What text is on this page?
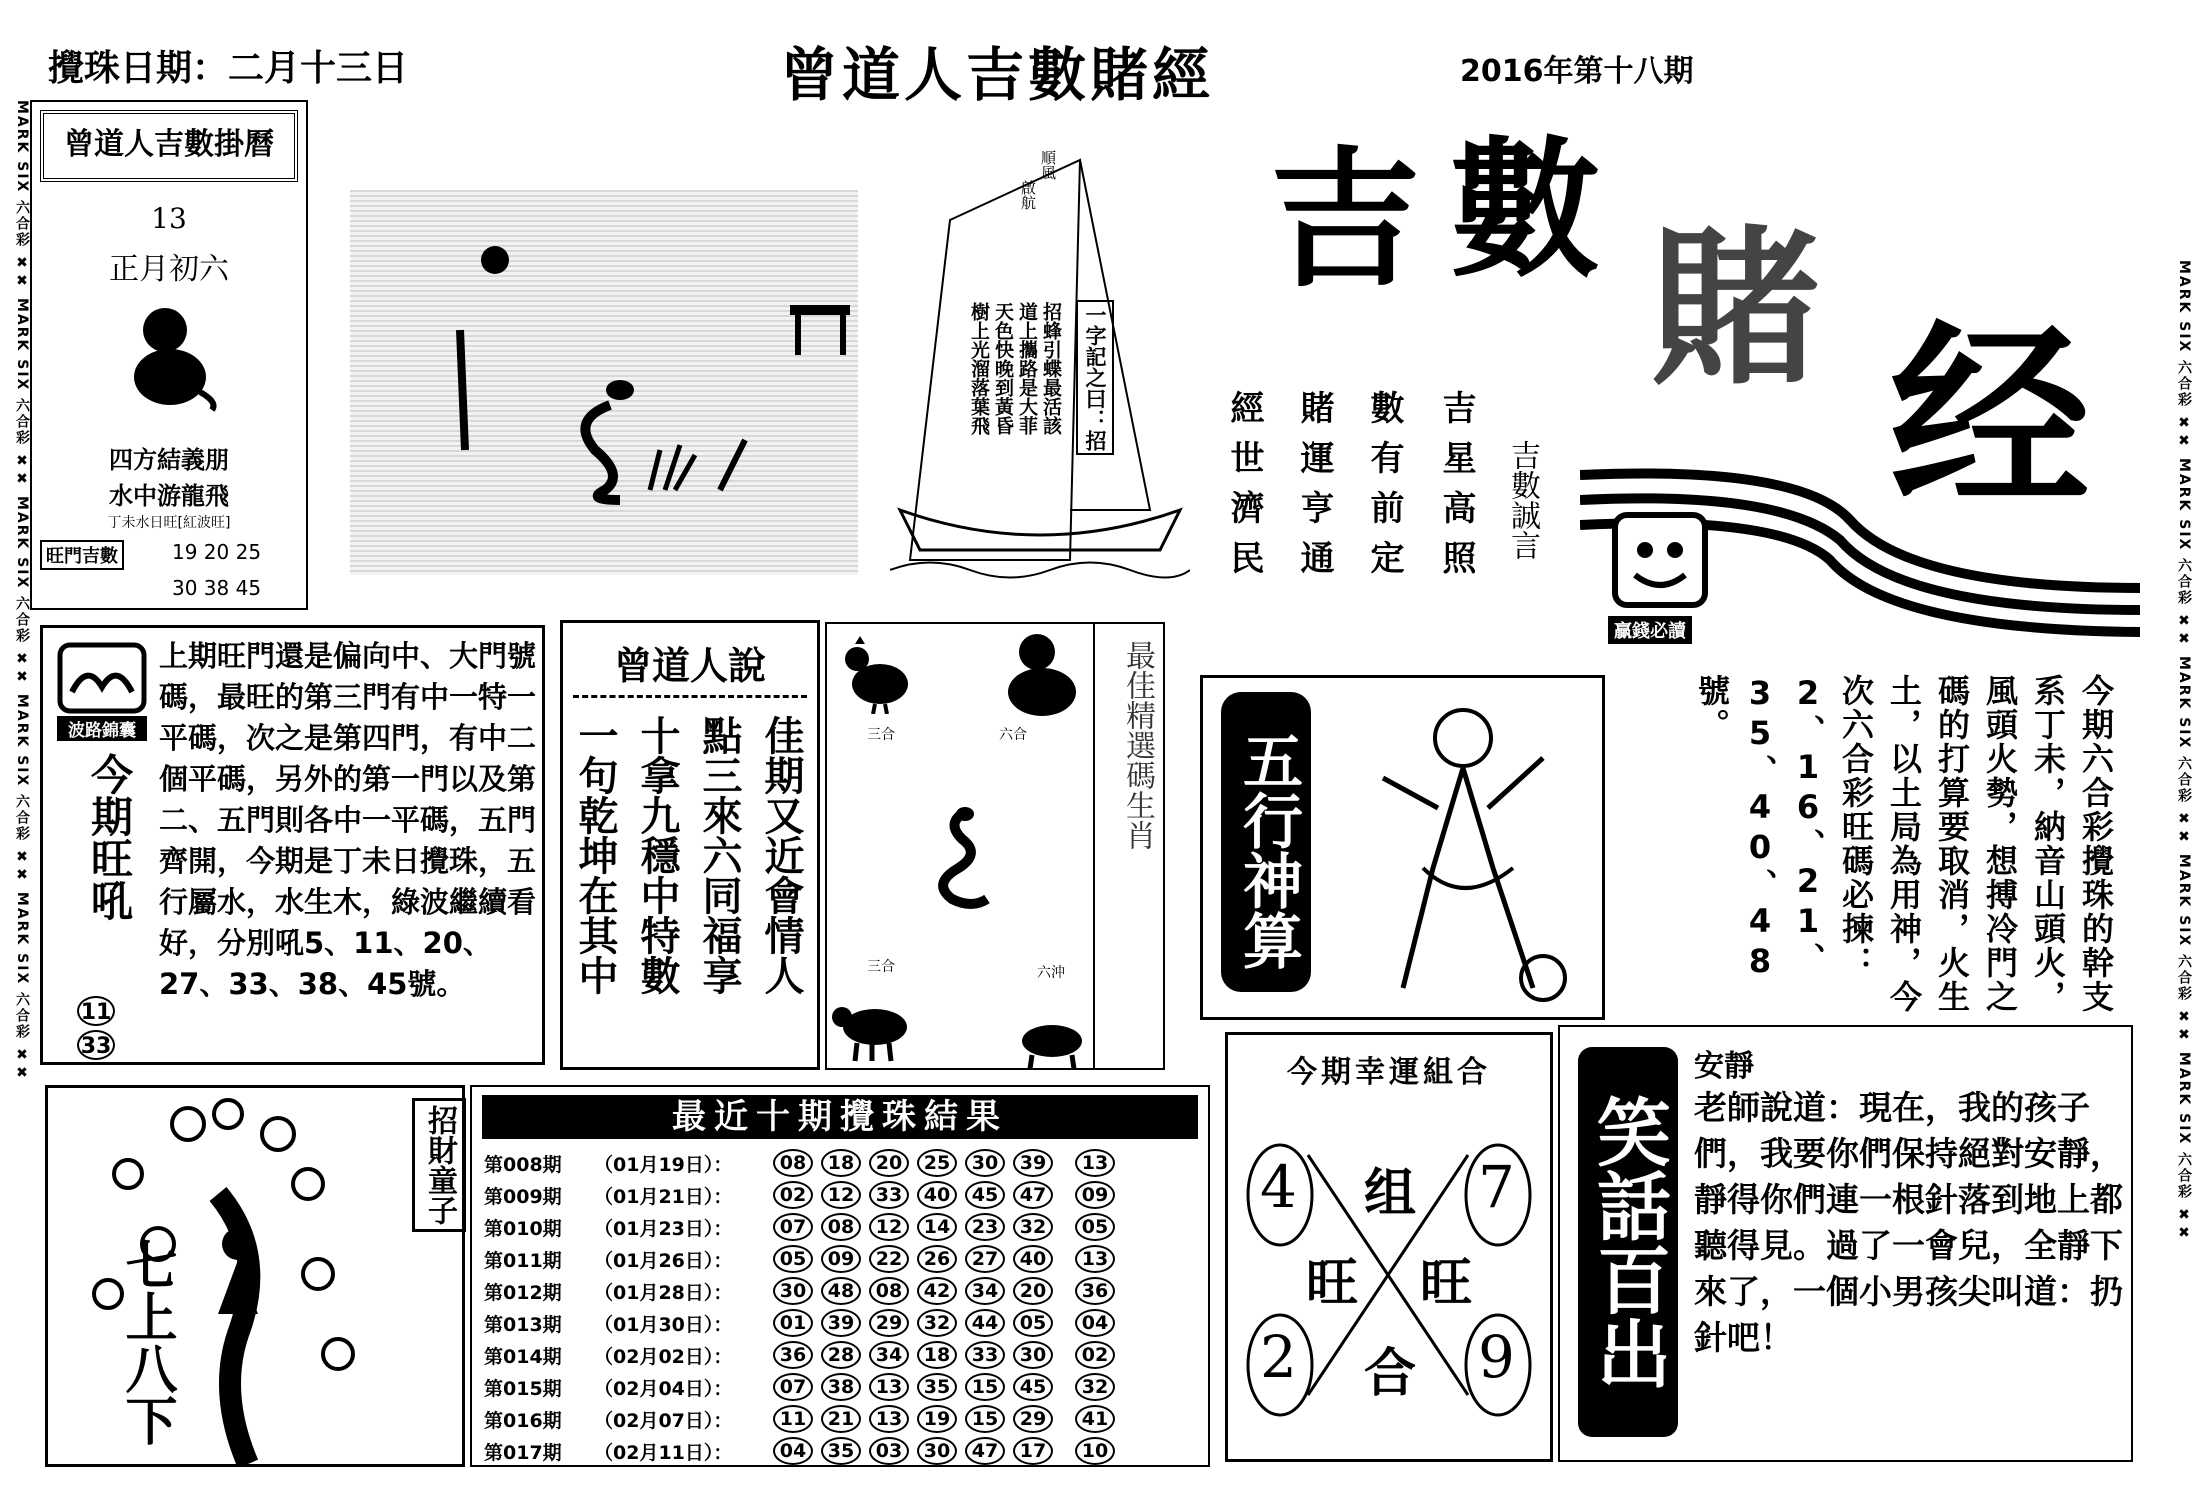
MARK SIX 六合彩 ✖✖ MARK SIX 六合彩 ✖✖ MARK SIX 六合彩 ✖✖ MARK SIX 六合彩 ✖✖ MARK SIX 六合彩 ✖✖	MARK SIX 六合彩 ✖✖ MARK SIX 六合彩 ✖✖ MARK SIX 六合彩 ✖✖ MARK SIX 六合彩 ✖✖ MARK SIX 六合彩 ✖✖
攪珠日期：二月十三日	曾道人吉數賭經	2016年第十八期
曾道人吉數掛曆
13
正月初六
四方結義朋
水中游龍飛
丁未水日旺[紅波旺]
旺門吉數	19 20 25
30 38 45
順風
啟航
一字記之曰：招
招蜂引蝶最活該
道上攜路是大菲
天色快晚到黃昏
樹上光溜落葉飛
吉 數
賭 经
贏錢必讀
吉數誠言
吉星高照
數有前定
賭運亨通
經世濟民
波路錦囊
今期旺吼
11
33
上期旺門還是偏向中、大門號碼，最旺的第三門有中一特一平碼，次之是第四門，有中二個平碼，另外的第一門以及第二、五門則各中一平碼，五門齊開，今期是丁未日攪珠，五行屬水，水生木，綠波繼續看好，分別吼5、11、20、27、33、38、45號。
曾道人說
佳期又近會情人
點三來六同福享
十拿九穩中特數
一句乾坤在其中	三合	六合
三合	六沖
最佳精選碼生肖 五行神算	今期六合彩攪珠的幹支系丁未，納音山頭火，風頭火勢，想搏冷門之碼的打算要取消，火生土，以土局為用神，今次六合彩旺碼必揀：2、16、21、35、40、48號。
招財童子
七上八下
最近十期攪珠結果
第008期	（01月19日）：	08	18	20	25	30	39	13
第009期	（01月21日）：	02	12	33	40	45	47	09
第010期	（01月23日）：	07	08	12	14	23	32	05
第011期	（01月26日）：	05	09	22	26	27	40	13
第012期	（01月28日）：	30	48	08	42	34	20	36
第013期	（01月30日）：	01	39	29	32	44	05	04
第014期	（02月02日）：	36	28	34	18	33	30	02
第015期	（02月04日）：	07	38	13	35	15	45	32
第016期	（02月07日）：	11	21	13	19	15	29	41
第017期	（02月11日）：	04	35	03	30	47	17	10
今期幸運組合
4	7
2	9
组
合
旺 旺 笑話百出
安靜
老師說道：現在，我的孩子們，我要你們保持絕對安靜，靜得你們連一根針落到地上都聽得見。過了一會兒，全靜下來了，一個小男孩尖叫道：扔針吧！
